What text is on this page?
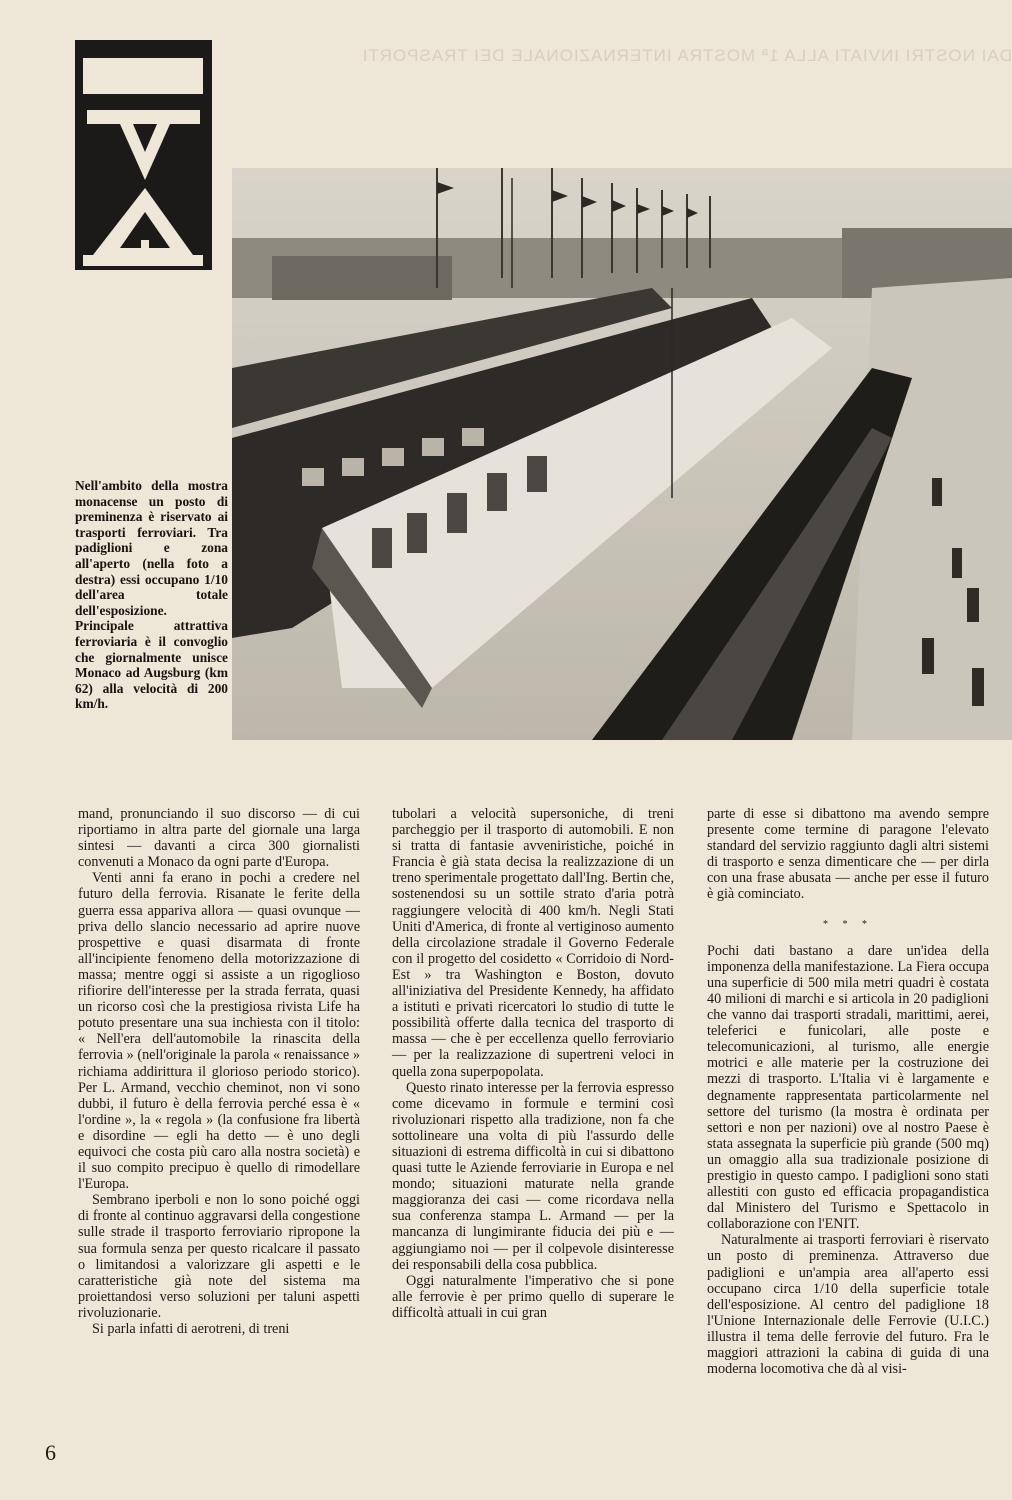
DAI NOSTRI INVIATI ALLA 1ª MOSTRA INTERNAZIONALE DEI TRASPORTI
Nell'ambito della mostra monacense un posto di preminenza è riservato ai trasporti ferroviari. Tra padiglioni e zona all'aperto (nella foto a destra) essi occupano 1/10 dell'area totale dell'esposizione. Principale attrattiva ferroviaria è il convoglio che giornalmente unisce Monaco ad Augsburg (km 62) alla velocità di 200 km/h.

mand, pronunciando il suo discorso — di cui riportiamo in altra parte del giornale una larga sintesi — davanti a circa 300 giornalisti convenuti a Monaco da ogni parte d'Europa.

Venti anni fa erano in pochi a credere nel futuro della ferrovia. Risanate le ferite della guerra essa appariva allora — quasi ovunque — priva dello slancio necessario ad aprire nuove prospettive e quasi disarmata di fronte all'incipiente fenomeno della motorizzazione di massa; mentre oggi si assiste a un rigoglioso rifiorire dell'interesse per la strada ferrata, quasi un ricorso così che la prestigiosa rivista Life ha potuto presentare una sua inchiesta con il titolo: « Nell'era dell'automobile la rinascita della ferrovia » (nell'originale la parola « renaissance » richiama addirittura il glorioso periodo storico). Per L. Armand, vecchio cheminot, non vi sono dubbi, il futuro è della ferrovia perché essa è « l'ordine », la « regola » (la confusione fra libertà e disordine — egli ha detto — è uno degli equivoci che costa più caro alla nostra società) e il suo compito precipuo è quello di rimodellare l'Europa.

Sembrano iperboli e non lo sono poiché oggi di fronte al continuo aggravarsi della congestione sulle strade il trasporto ferroviario ripropone la sua formula senza per questo ricalcare il passato o limitandosi a valorizzare gli aspetti e le caratteristiche già note del sistema ma proiettandosi verso soluzioni per taluni aspetti rivoluzionarie.

Si parla infatti di aerotreni, di treni

tubolari a velocità supersoniche, di treni parcheggio per il trasporto di automobili. E non si tratta di fantasie avveniristiche, poiché in Francia è già stata decisa la realizzazione di un treno sperimentale progettato dall'Ing. Bertin che, sostenendosi su un sottile strato d'aria potrà raggiungere velocità di 400 km/h. Negli Stati Uniti d'America, di fronte al vertiginoso aumento della circolazione stradale il Governo Federale con il progetto del cosidetto « Corridoio di Nord-Est » tra Washington e Boston, dovuto all'iniziativa del Presidente Kennedy, ha affidato a istituti e privati ricercatori lo studio di tutte le possibilità offerte dalla tecnica del trasporto di massa — che è per eccellenza quello ferroviario — per la realizzazione di supertreni veloci in quella zona superpopolata.

Questo rinato interesse per la ferrovia espresso come dicevamo in formule e termini così rivoluzionari rispetto alla tradizione, non fa che sottolineare una volta di più l'assurdo delle situazioni di estrema difficoltà in cui si dibattono quasi tutte le Aziende ferroviarie in Europa e nel mondo; situazioni maturate nella grande maggioranza dei casi — come ricordava nella sua conferenza stampa L. Armand — per la mancanza di lungimirante fiducia dei più e — aggiungiamo noi — per il colpevole disinteresse dei responsabili della cosa pubblica.

Oggi naturalmente l'imperativo che si pone alle ferrovie è per primo quello di superare le difficoltà attuali in cui gran

parte di esse si dibattono ma avendo sempre presente come termine di paragone l'elevato standard del servizio raggiunto dagli altri sistemi di trasporto e senza dimenticare che — per dirla con una frase abusata — anche per esse il futuro è già cominciato.

* * *

Pochi dati bastano a dare un'idea della imponenza della manifestazione. La Fiera occupa una superficie di 500 mila metri quadri è costata 40 milioni di marchi e si articola in 20 padiglioni che vanno dai trasporti stradali, marittimi, aerei, teleferici e funicolari, alle poste e telecomunicazioni, al turismo, alle energie motrici e alle materie per la costruzione dei mezzi di trasporto. L'Italia vi è largamente e degnamente rappresentata particolarmente nel settore del turismo (la mostra è ordinata per settori e non per nazioni) ove al nostro Paese è stata assegnata la superficie più grande (500 mq) un omaggio alla sua tradizionale posizione di prestigio in questo campo. I padiglioni sono stati allestiti con gusto ed efficacia propagandistica dal Ministero del Turismo e Spettacolo in collaborazione con l'ENIT.

Naturalmente ai trasporti ferroviari è riservato un posto di preminenza. Attraverso due padiglioni e un'ampia area all'aperto essi occupano circa 1/10 della superficie totale dell'esposizione. Al centro del padiglione 18 l'Unione Internazionale delle Ferrovie (U.I.C.) illustra il tema delle ferrovie del futuro. Fra le maggiori attrazioni la cabina di guida di una moderna locomotiva che dà al visi-

6
